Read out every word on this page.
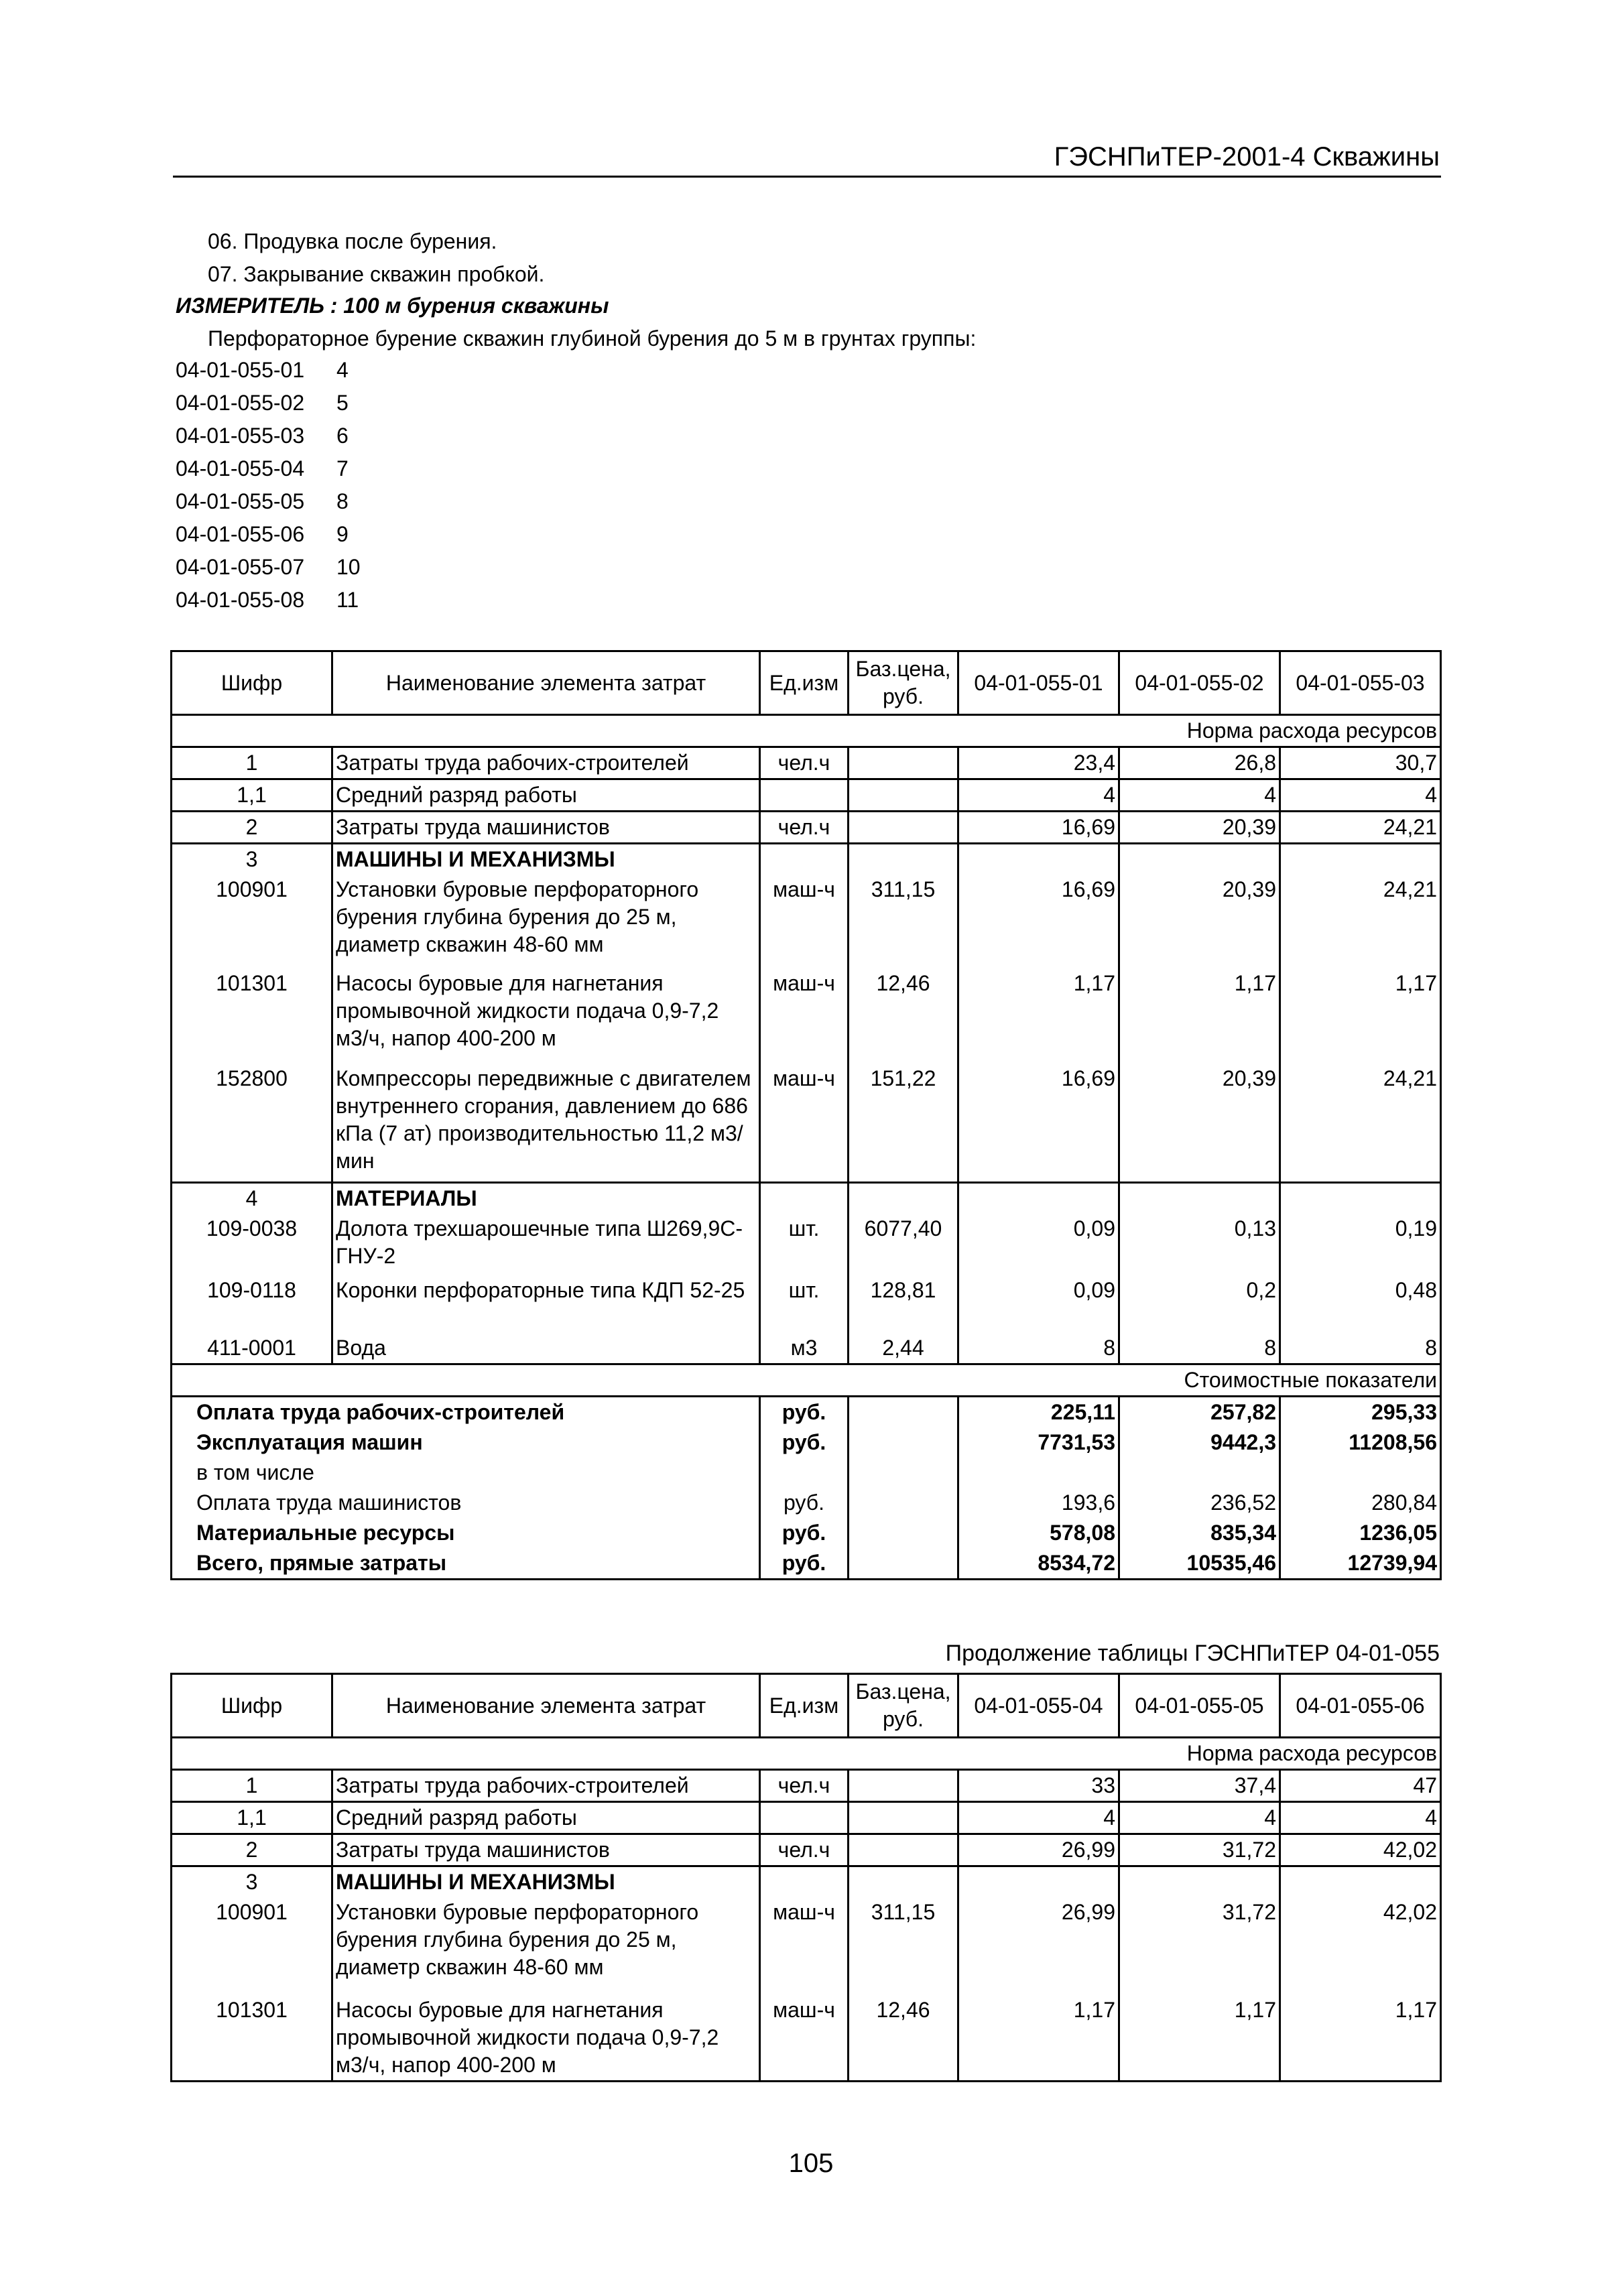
ГЭСНПиТЕР-2001-4 Скважины
06. Продувка после бурения.
07. Закрывание скважин пробкой.
ИЗМЕРИТЕЛЬ : 100 м бурения скважины
Перфораторное бурение скважин глубиной бурения до 5 м в грунтах группы:
04-01-055-01 4
04-01-055-02 5
04-01-055-03 6
04-01-055-04 7
04-01-055-05 8
04-01-055-06 9
04-01-055-07 10
04-01-055-08 11
Шифр	Наименование элемента затрат	Ед.изм	Баз.цена, руб.	04-01-055-01	04-01-055-02	04-01-055-03
Норма расхода ресурсов						
1	Затраты труда рабочих-строителей	чел.ч		23,4	26,8	30,7
1,1	Средний разряд работы			4	4	4
2	Затраты труда машинистов	чел.ч		16,69	20,39	24,21
3	МАШИНЫ И МЕХАНИЗМЫ					
100901	Установки буровые перфораторного бурения глубина бурения до 25 м, диаметр скважин 48-60 мм	маш-ч	311,15	16,69	20,39	24,21
101301	Насосы буровые для нагнетания промывочной жидкости подача 0,9-7,2 м3/ч, напор 400-200 м	маш-ч	12,46	1,17	1,17	1,17
152800	Компрессоры передвижные с двигателем внутреннего сгорания, давлением до 686 кПа (7 ат) производительностью 11,2 м3/мин	маш-ч	151,22	16,69	20,39	24,21
4	МАТЕРИАЛЫ					
109-0038	Долота трехшарошечные типа Ш269,9С-ГНУ-2	шт.	6077,40	0,09	0,13	0,19
109-0118	Коронки перфораторные типа КДП 52-25	шт.	128,81	0,09	0,2	0,48
411-0001	Вода	м3	2,44	8	8	8
Стоимостные показатели						
Оплата труда рабочих-строителей		руб.		225,11	257,82	295,33
Эксплуатация машин		руб.		7731,53	9442,3	11208,56
в том числе						
Оплата труда машинистов		руб.		193,6	236,52	280,84
Материальные ресурсы		руб.		578,08	835,34	1236,05
Всего, прямые затраты		руб.		8534,72	10535,46	12739,94
Продолжение таблицы ГЭСНПиТЕР 04-01-055
Шифр	Наименование элемента затрат	Ед.изм	Баз.цена, руб.	04-01-055-04	04-01-055-05	04-01-055-06
Норма расхода ресурсов						
1	Затраты труда рабочих-строителей	чел.ч		33	37,4	47
1,1	Средний разряд работы			4	4	4
2	Затраты труда машинистов	чел.ч		26,99	31,72	42,02
3	МАШИНЫ И МЕХАНИЗМЫ					
100901	Установки буровые перфораторного бурения глубина бурения до 25 м, диаметр скважин 48-60 мм	маш-ч	311,15	26,99	31,72	42,02
101301	Насосы буровые для нагнетания промывочной жидкости подача 0,9-7,2 м3/ч, напор 400-200 м	маш-ч	12,46	1,17	1,17	1,17
105
